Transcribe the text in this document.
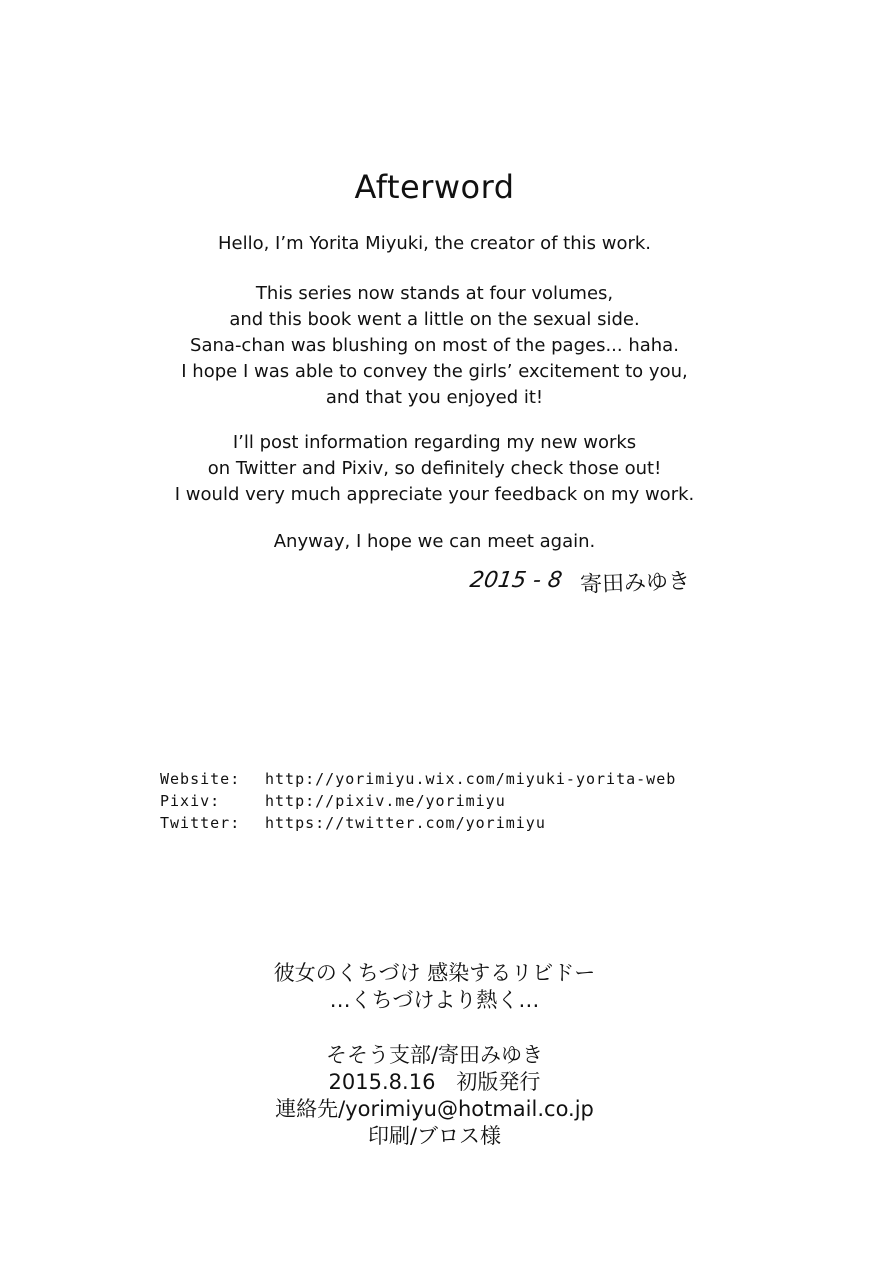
Afterword

Hello, I’m Yorita Miyuki, the creator of this work.

This series now stands at four volumes,
and this book went a little on the sexual side.
Sana-chan was blushing on most of the pages... haha.
I hope I was able to convey the girls’ excitement to you,
and that you enjoyed it!

I’ll post information regarding my new works
on Twitter and Pixiv, so definitely check those out!
I would very much appreciate your feedback on my work.

Anyway, I hope we can meet again.

2015 - 8 寄田みゆき
Website:	http://yorimiyu.wix.com/miyuki-yorita-web
Pixiv:	http://pixiv.me/yorimiyu
Twitter:	https://twitter.com/yorimiyu

彼女のくちづけ 感染するリビドー
…くちづけより熱く…

そそう支部/寄田みゆき
2015.8.16　初版発行
連絡先/yorimiyu@hotmail.co.jp
印刷/ブロス様
